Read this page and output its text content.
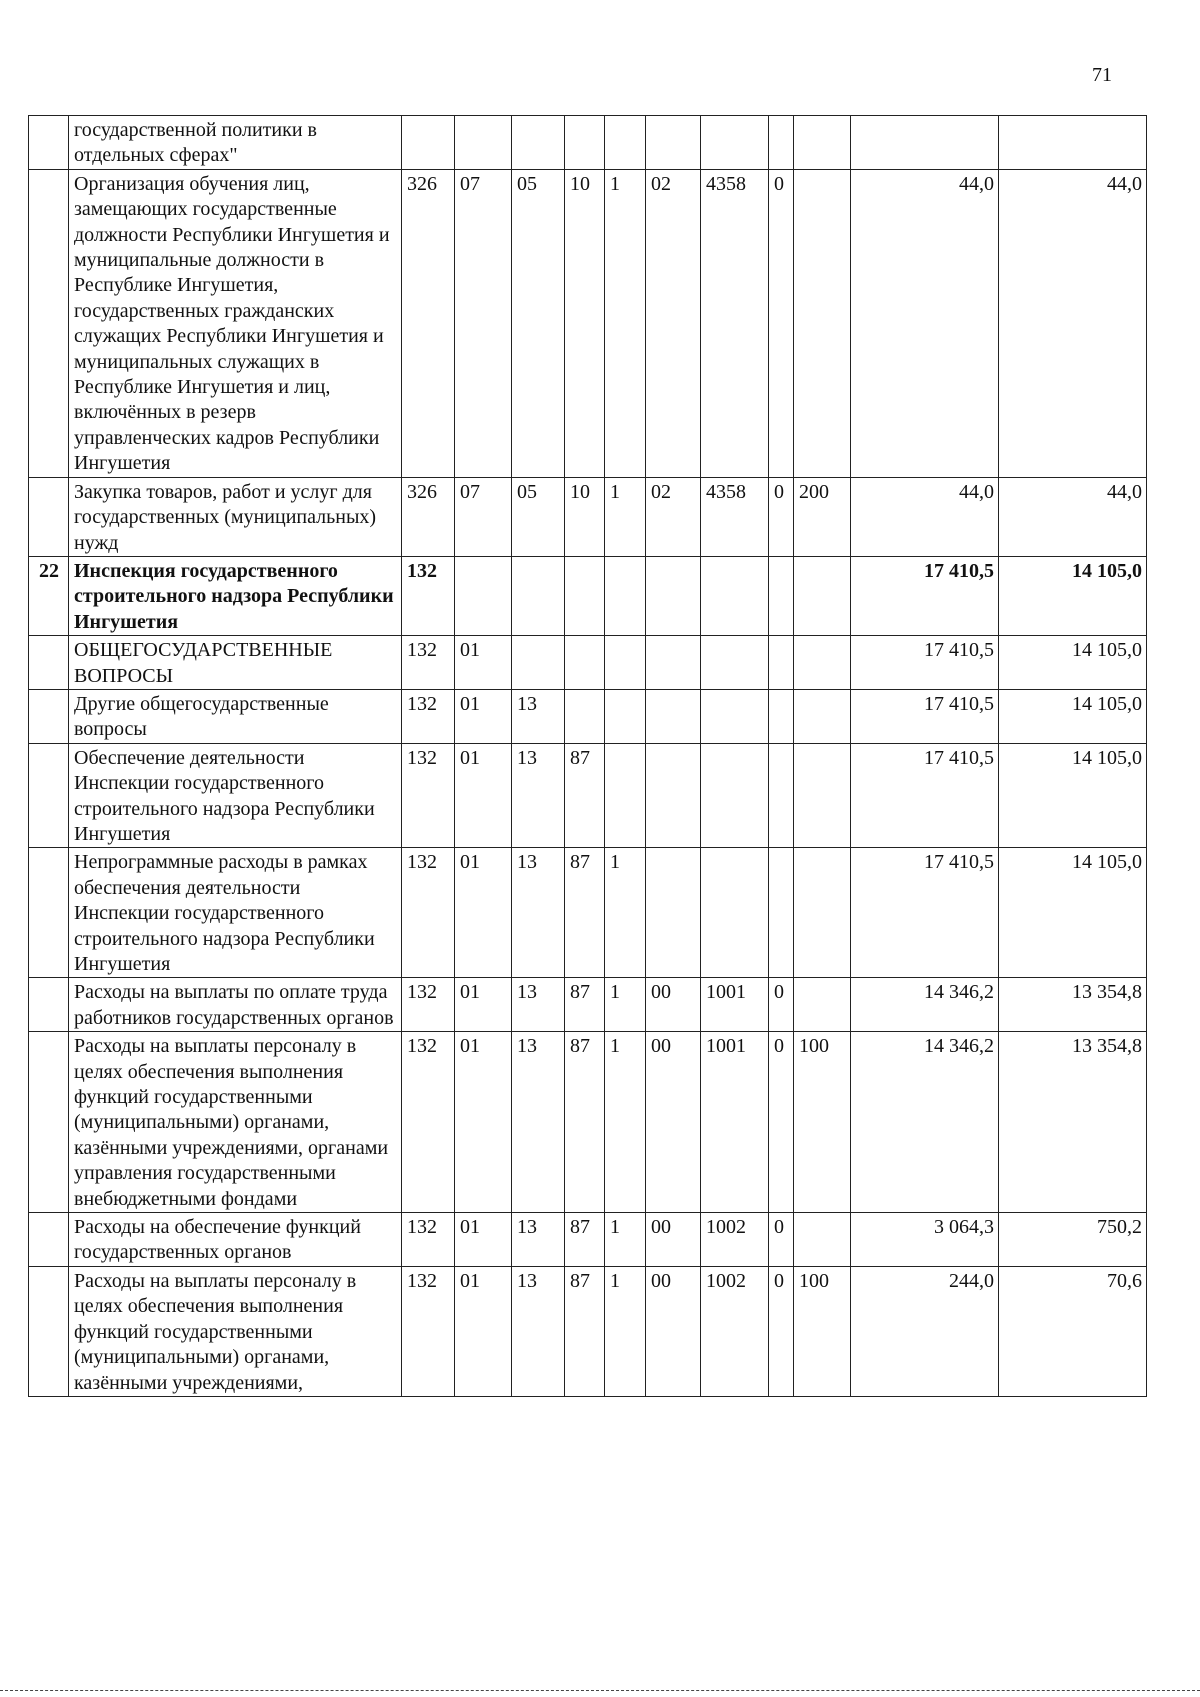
71
	государственной политики в отдельных сферах"											
	Организация обучения лиц, замещающих государственные должности Республики Ингушетия и муниципальные должности в Республике Ингушетия, государственных гражданских служащих Республики Ингушетия и муниципальных служащих в Республике Ингушетия и лиц, включённых в резерв управленческих кадров Республики Ингушетия	326	07	05	10	1	02	4358	0		44,0	44,0
	Закупка товаров, работ и услуг для государственных (муниципальных) нужд	326	07	05	10	1	02	4358	0	200	44,0	44,0
22	Инспекция государственного строительного надзора Республики Ингушетия	132									17 410,5	14 105,0
	ОБЩЕГОСУДАРСТВЕННЫЕ ВОПРОСЫ	132	01								17 410,5	14 105,0
	Другие общегосударственные вопросы	132	01	13							17 410,5	14 105,0
	Обеспечение деятельности Инспекции государственного строительного надзора Республики Ингушетия	132	01	13	87						17 410,5	14 105,0
	Непрограммные расходы в рамках обеспечения деятельности Инспекции государственного строительного надзора Республики Ингушетия	132	01	13	87	1					17 410,5	14 105,0
	Расходы на выплаты по оплате труда работников государственных органов	132	01	13	87	1	00	1001	0		14 346,2	13 354,8
	Расходы на выплаты персоналу в целях обеспечения выполнения функций государственными (муниципальными) органами, казёнными учреждениями, органами управления государственными внебюджетными фондами	132	01	13	87	1	00	1001	0	100	14 346,2	13 354,8
	Расходы на обеспечение функций государственных органов	132	01	13	87	1	00	1002	0		3 064,3	750,2
	Расходы на выплаты персоналу в целях обеспечения выполнения функций государственными (муниципальными) органами, казёнными учреждениями,	132	01	13	87	1	00	1002	0	100	244,0	70,6
